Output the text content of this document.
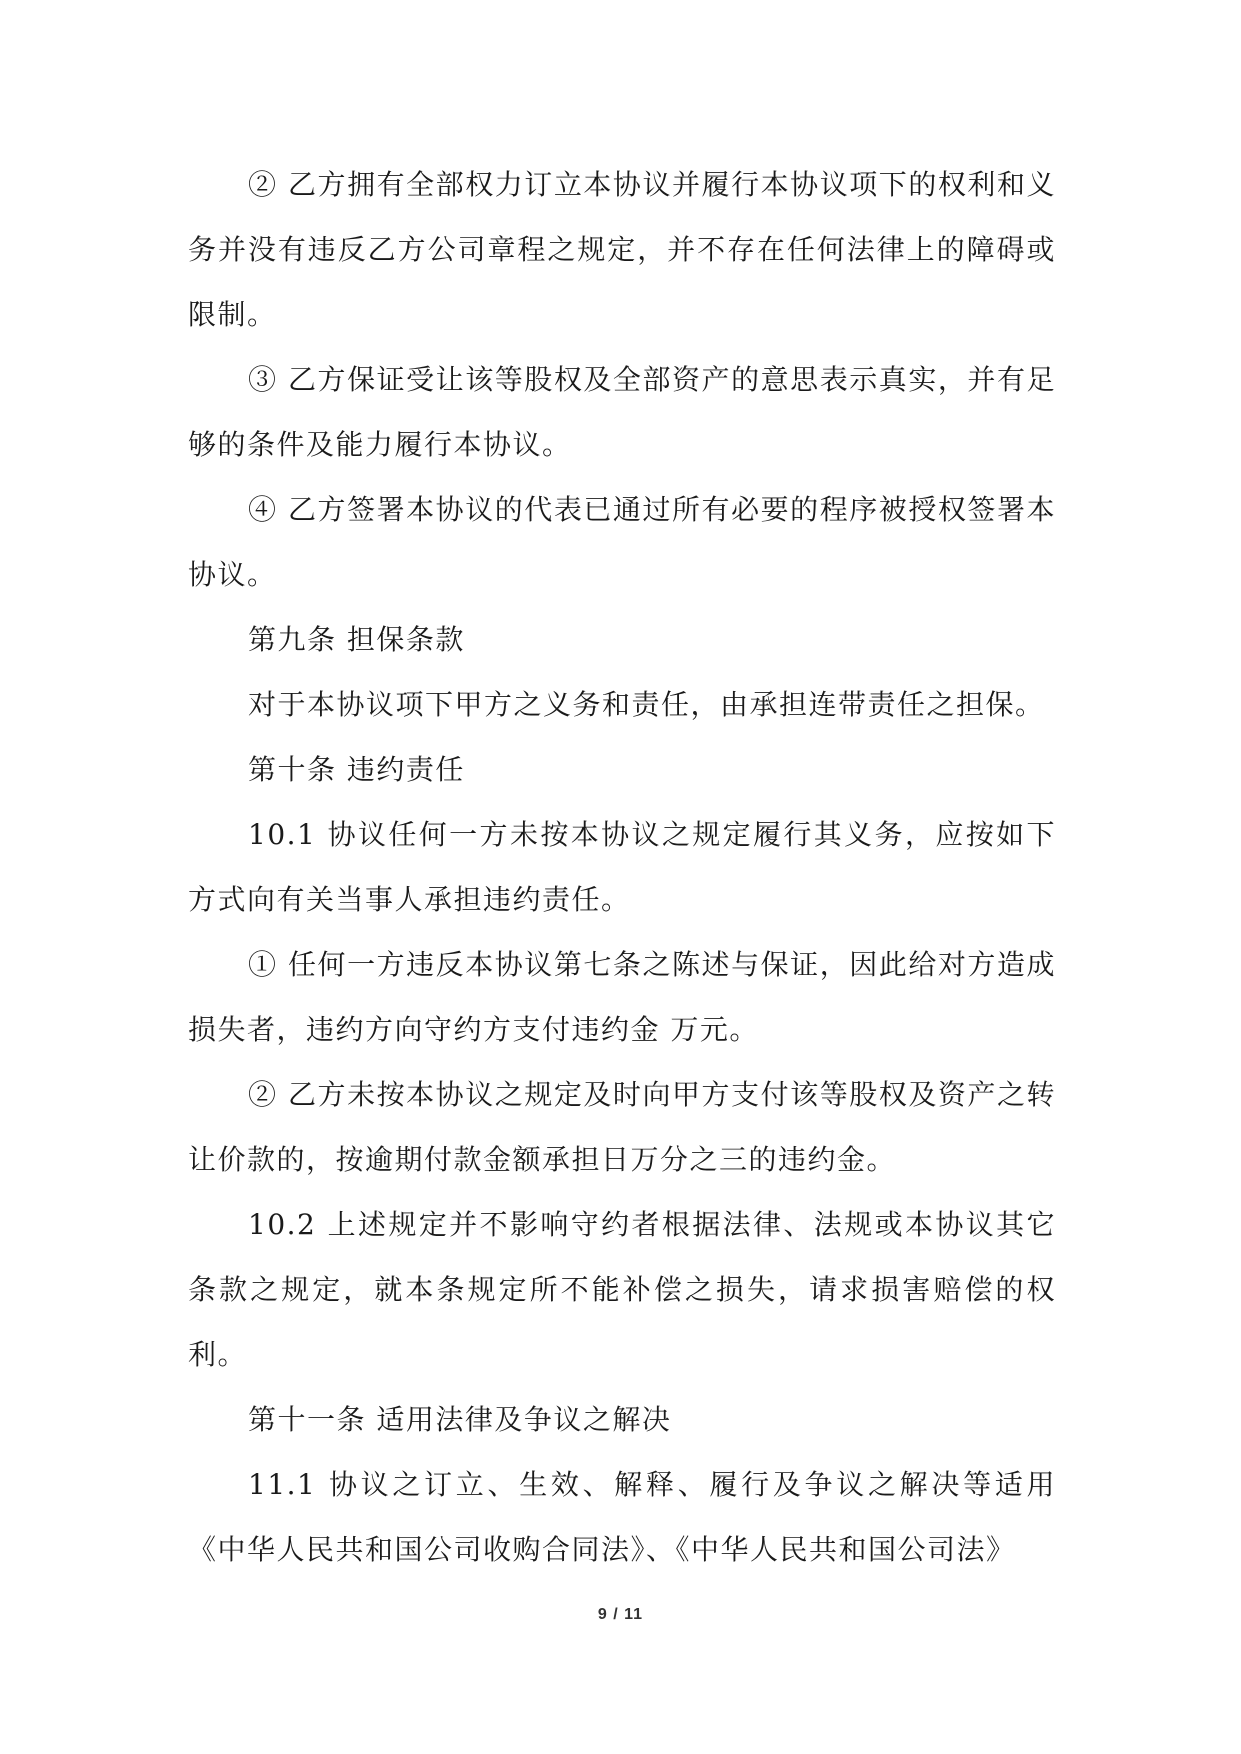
② 乙方拥有全部权力订立本协议并履行本协议项下的权利和义务并没有违反乙方公司章程之规定，并不存在任何法律上的障碍或限制。

③ 乙方保证受让该等股权及全部资产的意思表示真实，并有足够的条件及能力履行本协议。

④ 乙方签署本协议的代表已通过所有必要的程序被授权签署本协议。

第九条 担保条款

对于本协议项下甲方之义务和责任，由承担连带责任之担保。

第十条 违约责任

10.1 协议任何一方未按本协议之规定履行其义务，应按如下方式向有关当事人承担违约责任。

① 任何一方违反本协议第七条之陈述与保证，因此给对方造成损失者，违约方向守约方支付违约金 万元。

② 乙方未按本协议之规定及时向甲方支付该等股权及资产之转让价款的，按逾期付款金额承担日万分之三的违约金。

10.2 上述规定并不影响守约者根据法律、法规或本协议其它条款之规定，就本条规定所不能补偿之损失，请求损害赔偿的权利。

第十一条 适用法律及争议之解决

11.1 协议之订立、生效、解释、履行及争议之解决等适用《中华人民共和国公司收购合同法》、《中华人民共和国公司法》

9 / 11
